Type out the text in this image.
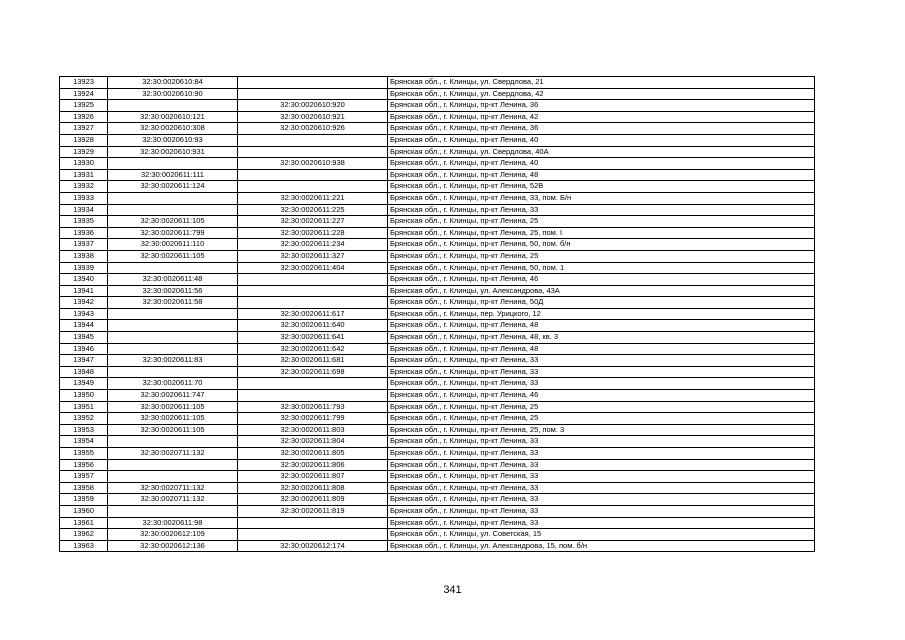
13923	32:30:0020610:84		Брянская обл., г. Клинцы, ул. Свердлова, 21
13924	32:30:0020610:90		Брянская обл., г. Клинцы, ул. Свердлова, 42
13925		32:30:0020610:920	Брянская обл., г. Клинцы, пр-кт Ленина, 36
13926	32:30:0020610:121	32:30:0020610:921	Брянская обл., г. Клинцы, пр-кт Ленина, 42
13927	32:30:0020610:308	32:30:0020610:926	Брянская обл., г. Клинцы, пр-кт Ленина, 36
13928	32:30:0020610:93		Брянская обл., г. Клинцы, пр-кт Ленина, 40
13929	32:30:0020610:931		Брянская обл., г. Клинцы, ул. Свердлова, 40А
13930		32:30:0020610:938	Брянская обл., г. Клинцы, пр-кт Ленина, 40
13931	32:30:0020611:111		Брянская обл., г. Клинцы, пр-кт Ленина, 48
13932	32:30:0020611:124		Брянская обл., г. Клинцы, пр-кт Ленина, 52В
13933		32:30:0020611:221	Брянская обл., г. Клинцы, пр-кт Ленина, 33, пом. Б/н
13934		32:30:0020611:225	Брянская обл., г. Клинцы, пр-кт Ленина, 33
13935	32:30:0020611:105	32:30:0020611:227	Брянская обл., г. Клинцы, пр-кт Ленина, 25
13936	32:30:0020611:799	32:30:0020611:228	Брянская обл., г. Клинцы, пр-кт Ленина, 25, пом. I
13937	32:30:0020611:110	32:30:0020611:234	Брянская обл., г. Клинцы, пр-кт Ленина, 50, пом. б/н
13938	32:30:0020611:105	32:30:0020611:327	Брянская обл., г. Клинцы, пр-кт Ленина, 25
13939		32:30:0020611:404	Брянская обл., г. Клинцы, пр-кт Ленина, 50, пом. 1
13940	32:30:0020611:48		Брянская обл., г. Клинцы, пр-кт Ленина, 46
13941	32:30:0020611:56		Брянская обл., г. Клинцы, ул. Александрова, 43А
13942	32:30:0020611:58		Брянская обл., г. Клинцы, пр-кт Ленина, 50Д
13943		32:30:0020611:617	Брянская обл., г. Клинцы, пер. Урицкого, 12
13944		32:30:0020611:640	Брянская обл., г. Клинцы, пр-кт Ленина, 48
13945		32:30:0020611:641	Брянская обл., г. Клинцы, пр-кт Ленина, 48, кв. 3
13946		32:30:0020611:642	Брянская обл., г. Клинцы, пр-кт Ленина, 48
13947	32:30:0020611:83	32:30:0020611:681	Брянская обл., г. Клинцы, пр-кт Ленина, 33
13948		32:30:0020611:698	Брянская обл., г. Клинцы, пр-кт Ленина, 33
13949	32:30:0020611:70		Брянская обл., г. Клинцы, пр-кт Ленина, 33
13950	32:30:0020611:747		Брянская обл., г. Клинцы, пр-кт Ленина, 46
13951	32:30:0020611:105	32:30:0020611:793	Брянская обл., г. Клинцы, пр-кт Ленина, 25
13952	32:30:0020611:105	32:30:0020611:799	Брянская обл., г. Клинцы, пр-кт Ленина, 25
13953	32:30:0020611:105	32:30:0020611:803	Брянская обл., г. Клинцы, пр-кт Ленина, 25, пом. 3
13954		32:30:0020611:804	Брянская обл., г. Клинцы, пр-кт Ленина, 33
13955	32:30:0020711:132	32:30:0020611:805	Брянская обл., г. Клинцы, пр-кт Ленина, 33
13956		32:30:0020611:806	Брянская обл., г. Клинцы, пр-кт Ленина, 33
13957		32:30:0020611:807	Брянская обл., г. Клинцы, пр-кт Ленина, 33
13958	32:30:0020711:132	32:30:0020611:808	Брянская обл., г. Клинцы, пр-кт Ленина, 33
13959	32:30:0020711:132	32:30:0020611:809	Брянская обл., г. Клинцы, пр-кт Ленина, 33
13960		32:30:0020611:819	Брянская обл., г. Клинцы, пр-кт Ленина, 33
13961	32:30:0020611:98		Брянская обл., г. Клинцы, пр-кт Ленина, 33
13962	32:30:0020612:109		Брянская обл., г. Клинцы, ул. Советская, 15
13963	32:30:0020612:136	32:30:0020612:174	Брянская обл., г. Клинцы, ул. Александрова, 15, пом. б/н
341
